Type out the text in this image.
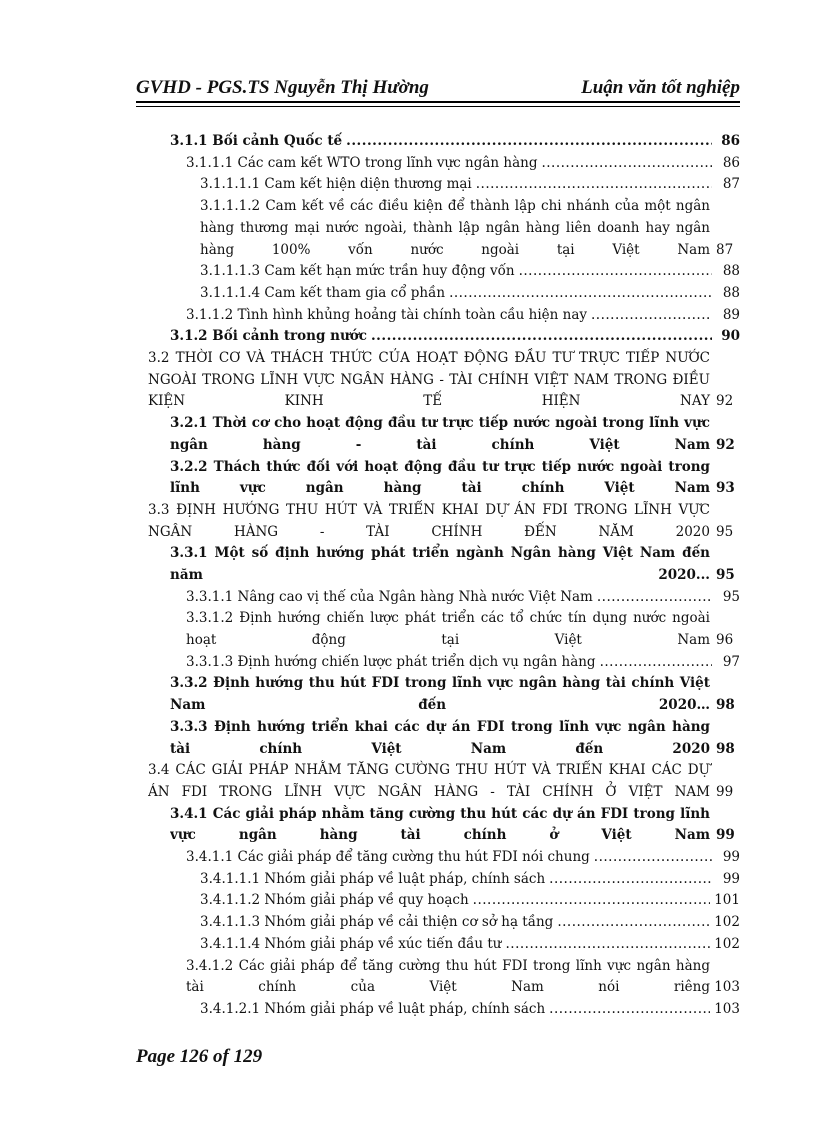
GVHD - PGS.TS Nguyễn Thị Hường	Luận văn tốt nghiệp
3.1.1 Bối cảnh Quốc tế .....	86
3.1.1.1 Các cam kết WTO trong lĩnh vực ngân hàng .....	86
3.1.1.1.1 Cam kết hiện diện thương mại .....	87
3.1.1.1.2 Cam kết về các điều kiện để thành lập chi nhánh của một ngân hàng thương mại nước ngoài, thành lập ngân hàng liên doanh hay ngân hàng 100% vốn nước ngoài tại Việt Nam 87
3.1.1.1.3 Cam kết hạn mức trần huy động vốn .....	88
3.1.1.1.4 Cam kết tham gia cổ phần .....	88
3.1.1.2 Tình hình khủng hoảng tài chính toàn cầu hiện nay .....	89
3.1.2 Bối cảnh trong nước .....	90
3.2 THỜI CƠ VÀ THÁCH THỨC CỦA HOẠT ĐỘNG ĐẦU TƯ TRỰC TIẾP NƯỚC NGOÀI TRONG LĨNH VỰC NGÂN HÀNG - TÀI CHÍNH VIỆT NAM TRONG ĐIỀU KIỆN KINH TẾ HIỆN NAY 92
3.2.1 Thời cơ cho hoạt động đầu tư trực tiếp nước ngoài trong lĩnh vực ngân hàng - tài chính Việt Nam 92
3.2.2 Thách thức đối với hoạt động đầu tư trực tiếp nước ngoài trong lĩnh vực ngân hàng tài chính Việt Nam 93
3.3 ĐỊNH HƯỚNG THU HÚT VÀ TRIỂN KHAI DỰ ÁN FDI TRONG LĨNH VỰC NGÂN HÀNG - TÀI CHÍNH ĐẾN NĂM 2020 95
3.3.1 Một số định hướng phát triển ngành Ngân hàng Việt Nam đến năm 2020... 95
3.3.1.1 Nâng cao vị thế của Ngân hàng Nhà nước Việt Nam .....	95
3.3.1.2 Định hướng chiến lược phát triển các tổ chức tín dụng nước ngoài hoạt động tại Việt Nam 96
3.3.1.3 Định hướng chiến lược phát triển dịch vụ ngân hàng .....	97
3.3.2 Định hướng thu hút FDI trong lĩnh vực ngân hàng tài chính Việt Nam đến 2020… 98
3.3.3 Định hướng triển khai các dự án FDI trong lĩnh vực ngân hàng tài chính Việt Nam đến 2020 98
3.4 CÁC GIẢI PHÁP NHẰM TĂNG CƯỜNG THU HÚT VÀ TRIỂN KHAI CÁC DỰ ÁN FDI TRONG LĨNH VỰC NGÂN HÀNG - TÀI CHÍNH Ở VIỆT NAM 99
3.4.1 Các giải pháp nhằm tăng cường thu hút các dự án FDI trong lĩnh vực ngân hàng tài chính ở Việt Nam 99
3.4.1.1 Các giải pháp để tăng cường thu hút FDI nói chung .....	99
3.4.1.1.1 Nhóm giải pháp về luật pháp, chính sách .....	99
3.4.1.1.2 Nhóm giải pháp về quy hoạch .....	101
3.4.1.1.3 Nhóm giải pháp về cải thiện cơ sở hạ tầng .....	102
3.4.1.1.4 Nhóm giải pháp về xúc tiến đầu tư .....	102
3.4.1.2 Các giải pháp để tăng cường thu hút FDI trong lĩnh vực ngân hàng tài chính của Việt Nam nói riêng 103
3.4.1.2.1 Nhóm giải pháp về luật pháp, chính sách .....	103
Page 126 of 129
